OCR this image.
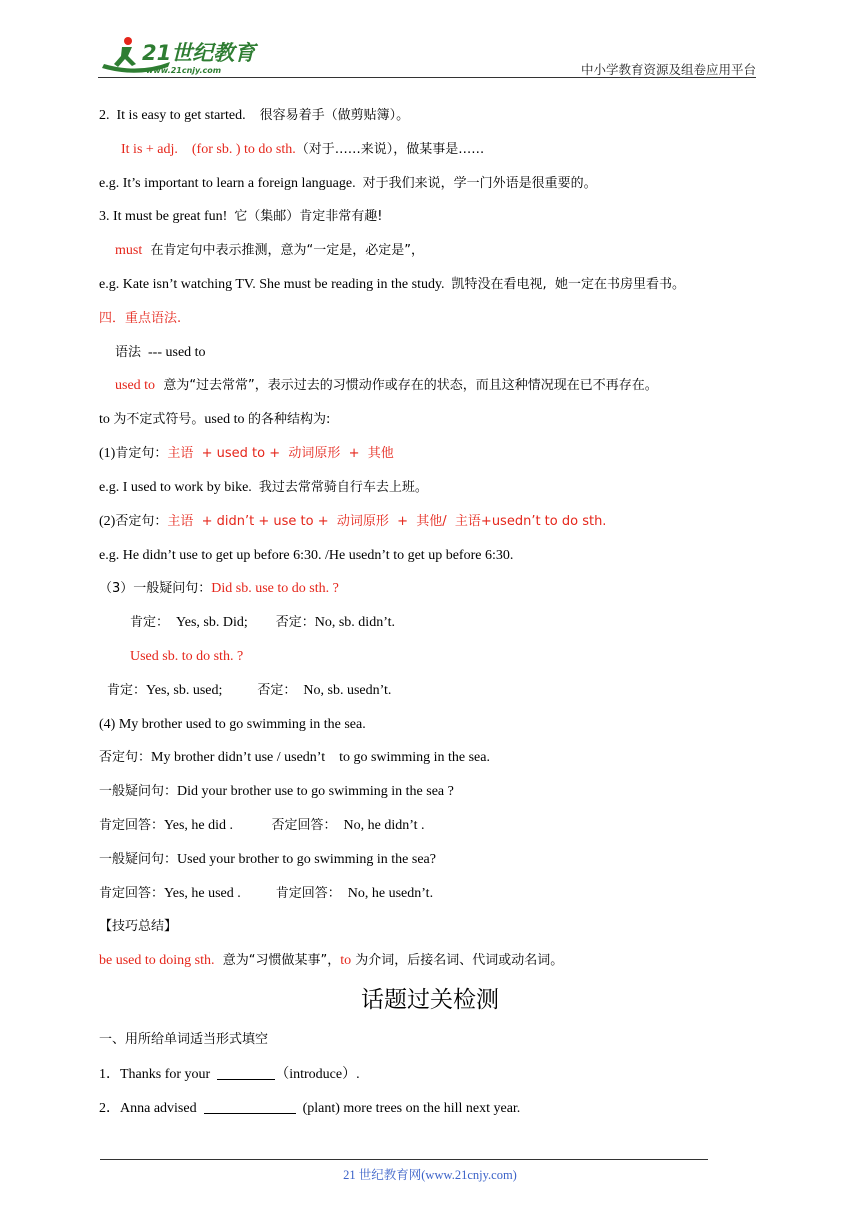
21世纪教育
www.21cnjy.com	中小学教育资源及组卷应用平台
2.  It is easy to get started.    很容易着手（做剪贴簿）。
It is + adj.    (for sb. ) to do sth.（对于……来说），做某事是……
e.g. It’s important to learn a foreign language.  对于我们来说，学一门外语是很重要的。
3. It must be great fun!  它（集邮）肯定非常有趣!
must  在肯定句中表示推测，意为“一定是，必定是”，
e.g. Kate isn’t watching TV. She must be reading in the study.  凯特没在看电视,  她一定在书房里看书。
四．重点语法.
语法  --- used to
used to  意为“过去常常”，表示过去的习惯动作或存在的状态，而且这种情况现在已不再存在。
to 为不定式符号。used to 的各种结构为:
(1)肯定句：主语  + used to +  动词原形  +  其他
e.g. I used to work by bike.  我过去常常骑自行车去上班。
(2)否定句：主语  + didn’t + use to +  动词原形  +  其他/  主语+usedn’t to do sth.
e.g. He didn’t use to get up before 6:30. /He usedn’t to get up before 6:30.
（3）一般疑问句：Did sb. use to do sth. ?
肯定：  Yes, sb. Did;        否定：No, sb. didn’t.
Used sb. to do sth. ?
肯定：Yes, sb. used;          否定：  No, sb. usedn’t.
(4) My brother used to go swimming in the sea.
否定句：My brother didn’t use / usedn’t    to go swimming in the sea.
一般疑问句：Did your brother use to go swimming in the sea ?
肯定回答：Yes, he did .           否定回答：  No, he didn’t .
一般疑问句：Used your brother to go swimming in the sea?
肯定回答：Yes, he used .          肯定回答：  No, he usedn’t.
【技巧总结】
be used to doing sth.  意为“习惯做某事”，to 为介词，后接名词、代词或动名词。
话题过关检测
一、用所给单词适当形式填空
1．Thanks for your	（introduce）.
2．Anna advised	(plant) more trees on the hill next year.
21 世纪教育网(www.21cnjy.com)
